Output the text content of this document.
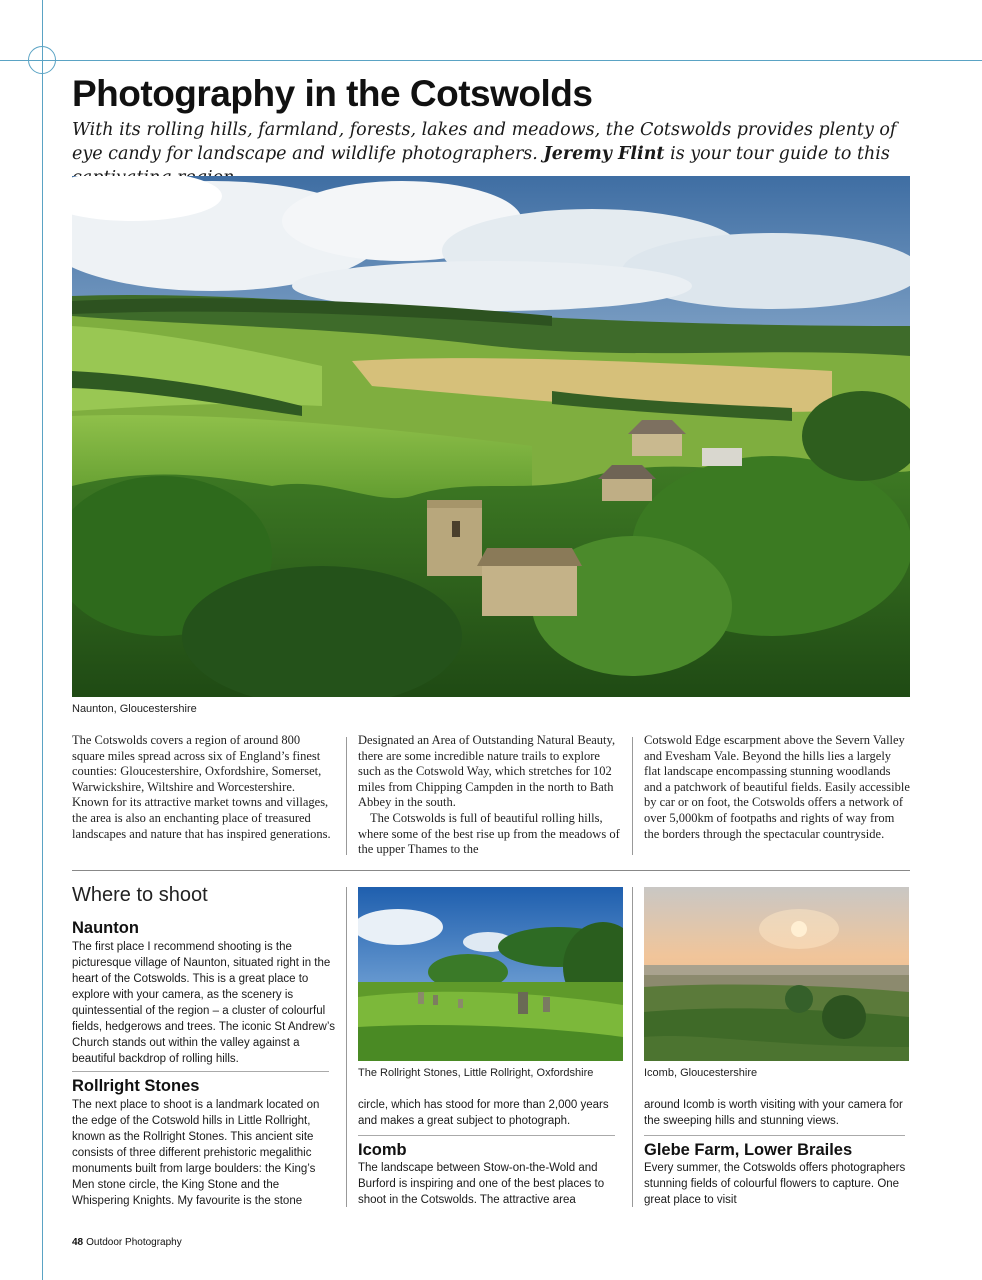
Photography in the Cotswolds
With its rolling hills, farmland, forests, lakes and meadows, the Cotswolds provides plenty of eye candy for landscape and wildlife photographers. Jeremy Flint is your tour guide to this
Naunton, Gloucestershire

The Cotswolds covers a region of around 800 square miles spread across six of England’s finest counties: Gloucestershire, Oxfordshire, Somerset, Warwickshire, Wiltshire and Worcestershire. Known for its attractive market towns and villages, the area is also an enchanting place of treasured landscapes and nature that has inspired generations.

Designated an Area of Outstanding Natural Beauty, there are some incredible nature trails to explore such as the Cotswold Way, which stretches for 102 miles from Chipping Campden in the north to Bath Abbey in the south.

The Cotswolds is full of beautiful rolling hills, where some of the best rise up from the meadows of the upper Thames to the

Cotswold Edge escarpment above the Severn Valley and Evesham Vale. Beyond the hills lies a largely flat landscape encompassing stunning woodlands and a patchwork of beautiful fields. Easily accessible by car or on foot, the Cotswolds offers a network of over 5,000km of footpaths and rights of way from the borders through the spectacular countryside.

Where to shoot
Naunton

The first place I recommend shooting is the picturesque village of Naunton, situated right in the heart of the Cotswolds. This is a great place to explore with your camera, as the scenery is quintessential of the region – a cluster of colourful fields, hedgerows and trees. The iconic St Andrew’s Church stands out within the valley against a beautiful backdrop of rolling hills.

Rollright Stones

The next place to shoot is a landmark located on the edge of the Cotswold hills in Little Rollright, known as the Rollright Stones. This ancient site consists of three different prehistoric megalithic monuments built from large boulders: the King’s Men stone circle, the King Stone and the Whispering Knights. My favourite is the stone

The Rollright Stones, Little Rollright, Oxfordshire

circle, which has stood for more than 2,000 years and makes a great subject to photograph.

Icomb

The landscape between Stow-on-the-Wold and Burford is inspiring and one of the best places to shoot in the Cotswolds. The attractive area

Icomb, Gloucestershire

around Icomb is worth visiting with your camera for the sweeping hills and stunning views.

Glebe Farm, Lower Brailes

Every summer, the Cotswolds offers photographers stunning fields of colourful flowers to capture. One great place to visit

48 Outdoor Photography
